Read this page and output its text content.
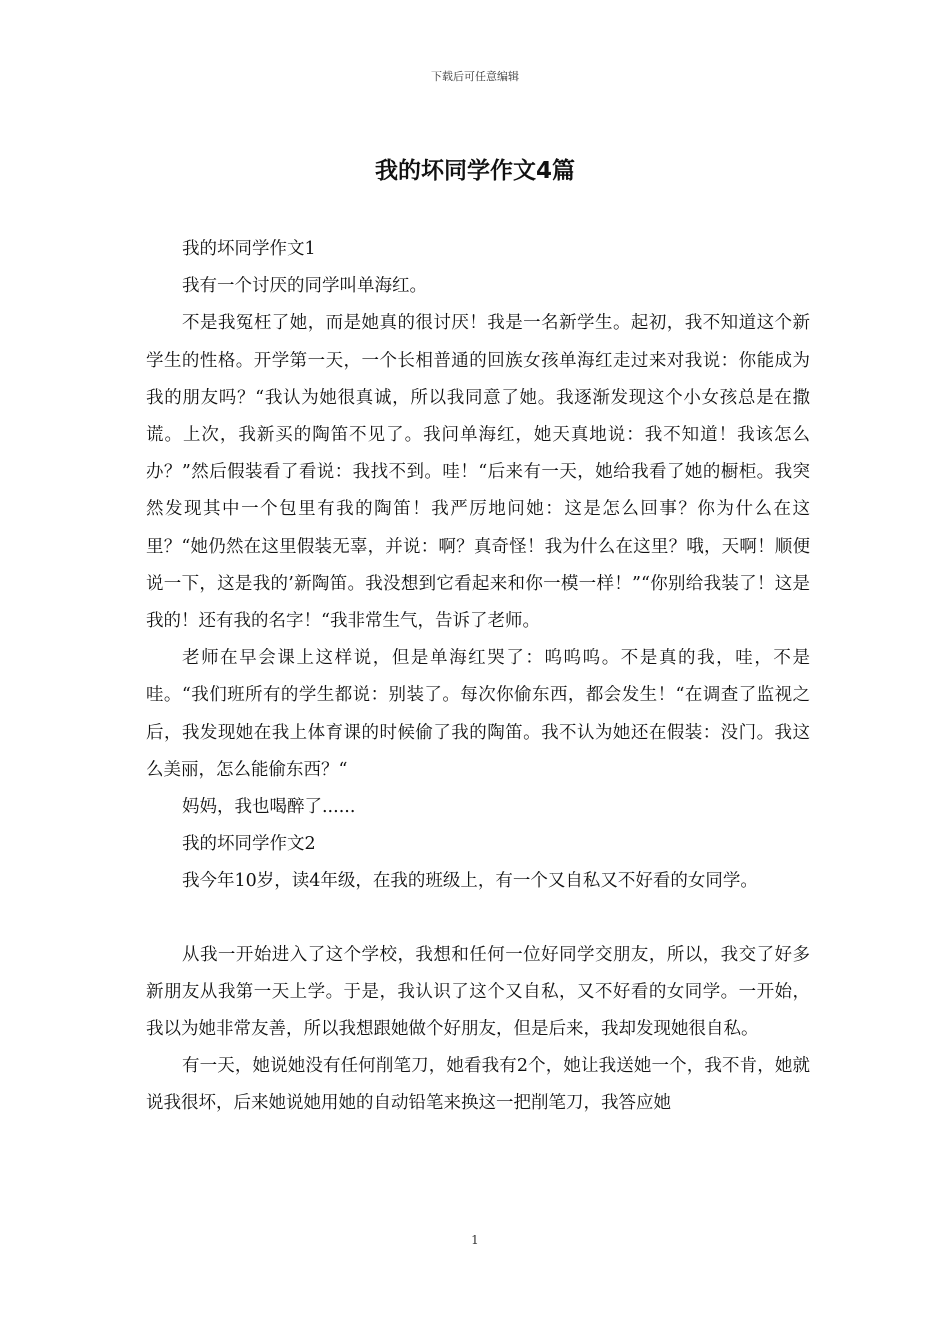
下载后可任意编辑
我的坏同学作文4篇

我的坏同学作文1

我有一个讨厌的同学叫单海红。

不是我冤枉了她，而是她真的很讨厌！我是一名新学生。起初，我不知道这个新学生的性格。开学第一天，一个长相普通的回族女孩单海红走过来对我说：你能成为我的朋友吗？“我认为她很真诚，所以我同意了她。我逐渐发现这个小女孩总是在撒谎。上次，我新买的陶笛不见了。我问单海红，她天真地说：我不知道！我该怎么办？”然后假装看了看说：我找不到。哇！“后来有一天，她给我看了她的橱柜。我突然发现其中一个包里有我的陶笛！我严厉地问她：这是怎么回事？你为什么在这里？“她仍然在这里假装无辜，并说：啊？真奇怪！我为什么在这里？哦，天啊！顺便说一下，这是我的’新陶笛。我没想到它看起来和你一模一样！”“你别给我装了！这是我的！还有我的名字！“我非常生气，告诉了老师。

老师在早会课上这样说，但是单海红哭了：呜呜呜。不是真的我，哇，不是哇。“我们班所有的学生都说：别装了。每次你偷东西，都会发生！“在调查了监视之后，我发现她在我上体育课的时候偷了我的陶笛。我不认为她还在假装：没门。我这么美丽，怎么能偷东西？“

妈妈，我也喝醉了......

我的坏同学作文2

我今年10岁，读4年级，在我的班级上，有一个又自私又不好看的女同学。

从我一开始进入了这个学校，我想和任何一位好同学交朋友，所以，我交了好多新朋友从我第一天上学。于是，我认识了这个又自私，又不好看的女同学。一开始，我以为她非常友善，所以我想跟她做个好朋友，但是后来，我却发现她很自私。

有一天，她说她没有任何削笔刀，她看我有2个，她让我送她一个，我不肯，她就说我很坏，后来她说她用她的自动铅笔来换这一把削笔刀，我答应她

1
